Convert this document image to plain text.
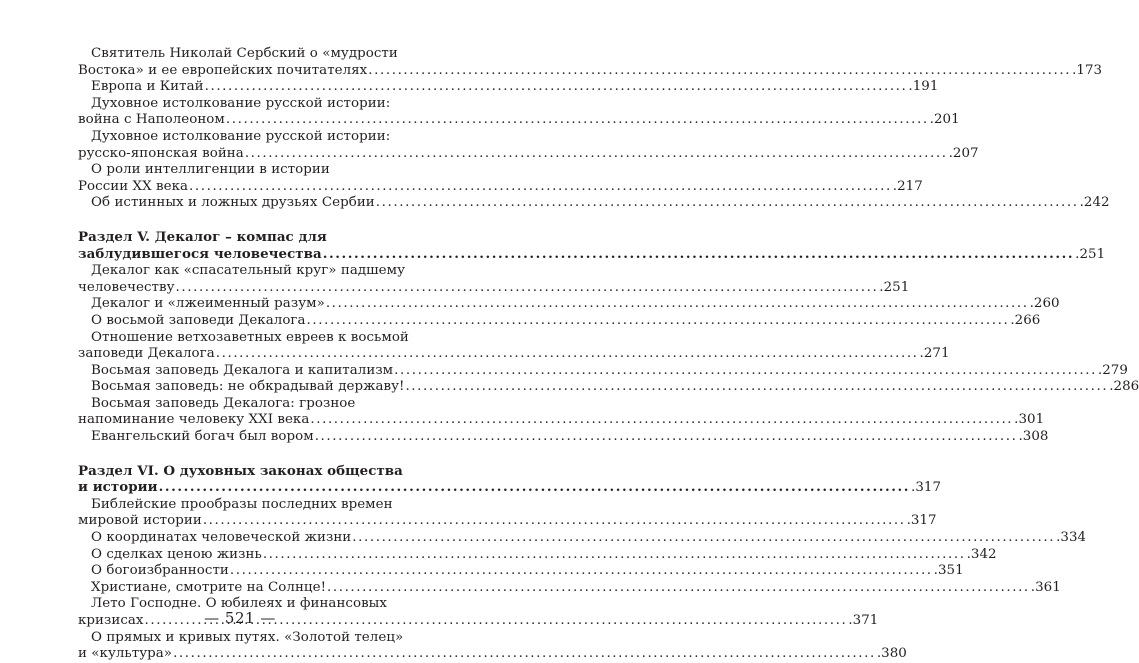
Святитель Николай Сербский о «мудрости
Востока» и ее европейских почитателях .....	.173
Европа и Китай .....	.191
Духовное истолкование русской истории:
война с Наполеоном .....	.201
Духовное истолкование русской истории:
русско-японская война .....	.207
О роли интеллигенции в истории
России XX века .....	.217
Об истинных и ложных друзьях Сербии .....	.242
Раздел V. Декалог – компас для
заблудившегося человечества .....	.251
Декалог как «спасательный круг» падшему
человечеству .....	.251
Декалог и «лжеименный разум» .....	.260
О восьмой заповеди Декалога .....	.266
Отношение ветхозаветных евреев к восьмой
заповеди Декалога .....	.271
Восьмая заповедь Декалога и капитализм .....	.279
Восьмая заповедь: не обкрадывай державу! .....	.286
Восьмая заповедь Декалога: грозное
напоминание человеку XXI века .....	.301
Евангельский богач был вором .....	.308
Раздел VI. О духовных законах общества
и истории .....	.317
Библейские прообразы последних времен
мировой истории .....	.317
О координатах человеческой жизни .....	.334
О сделках ценою жизнь .....	.342
О богоизбранности .....	.351
Христиане, смотрите на Солнце! .....	.361
Лето Господне. О юбилеях и финансовых
кризисах .....	.371
О прямых и кривых путях. «Золотой телец»
и «культура» .....	.380
— 521 —
